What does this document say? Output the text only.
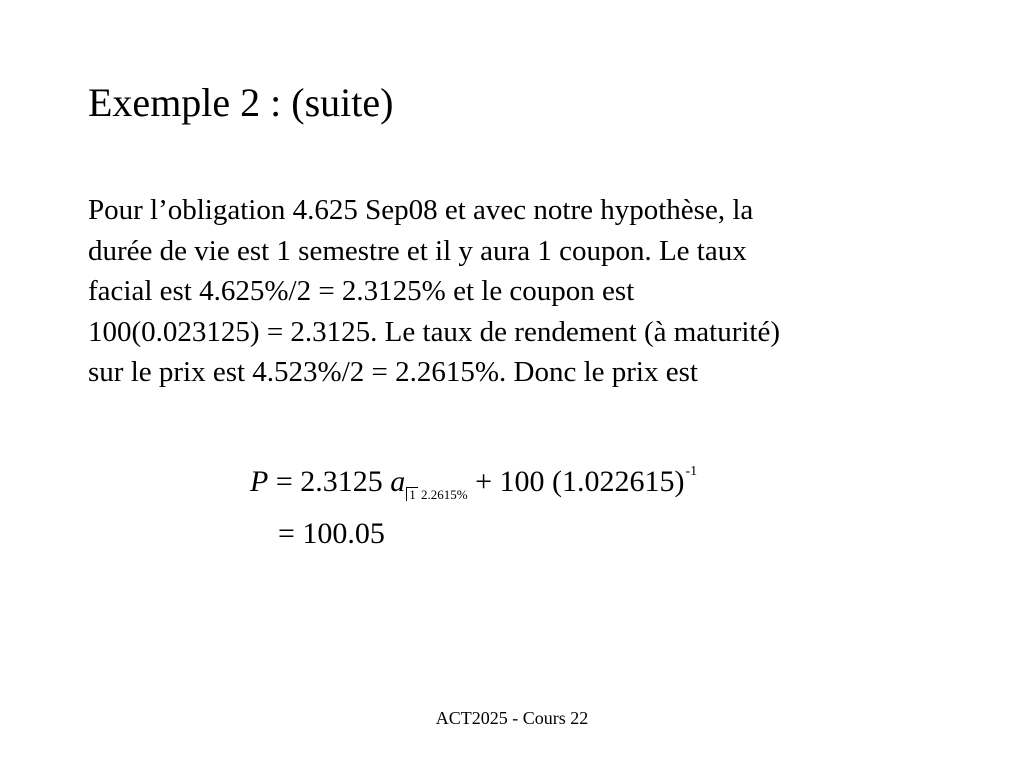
Exemple 2 : (suite)
Pour l’obligation 4.625 Sep08 et avec notre hypothèse, la
durée de vie est 1 semestre et il y aura 1 coupon. Le taux
facial est 4.625%/2 = 2.3125% et le coupon est
100(0.023125) = 2.3125. Le taux de rendement (à maturité)
sur le prix est 4.523%/2 = 2.2615%. Donc le prix est
P = 2.3125 a $_{1 2.2615\%}$ + 100 $(1.022615)^{-1}$
= 100.05
ACT2025 - Cours 22
